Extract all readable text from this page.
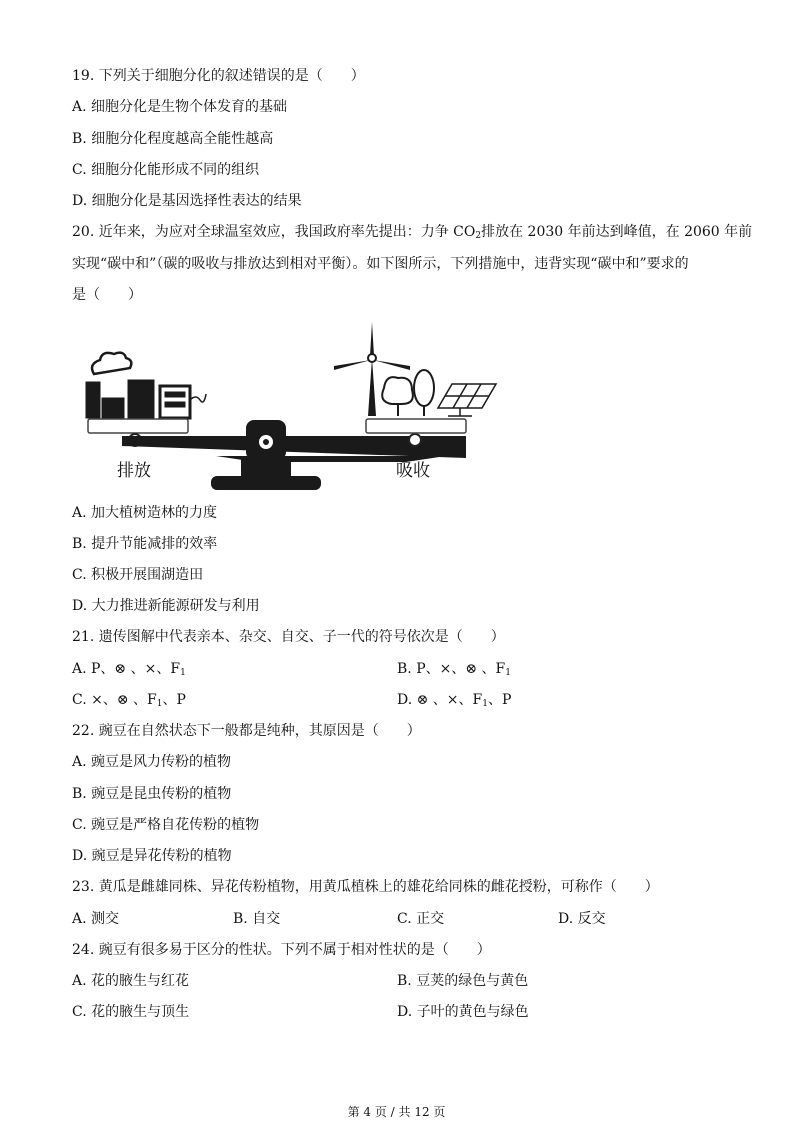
19. 下列关于细胞分化的叙述错误的是（　　）
A. 细胞分化是生物个体发育的基础
B. 细胞分化程度越高全能性越高
C. 细胞分化能形成不同的组织
D. 细胞分化是基因选择性表达的结果
20. 近年来，为应对全球温室效应，我国政府率先提出：力争 $CO_2$排放在 2030 年前达到峰值，在 2060 年前
实现“碳中和”（碳的吸收与排放达到相对平衡）。如下图所示，下列措施中，违背实现“碳中和”要求的
是（　　）
排放	吸收
A. 加大植树造林的力度
B. 提升节能减排的效率
C. 积极开展围湖造田
D. 大力推进新能源研发与利用
21. 遗传图解中代表亲本、杂交、自交、子一代的符号依次是（　　）
A. P、⊗ 、×、$F_1$	B. P、×、⊗ 、$F_1$
C. ×、⊗ 、$F_1$、P	D. ⊗ 、×、$F_1$、P
22. 豌豆在自然状态下一般都是纯种，其原因是（　　）
A. 豌豆是风力传粉的植物
B. 豌豆是昆虫传粉的植物
C. 豌豆是严格自花传粉的植物
D. 豌豆是异花传粉的植物
23. 黄瓜是雌雄同株、异花传粉植物，用黄瓜植株上的雄花给同株的雌花授粉，可称作（　　）
A. 测交	B. 自交	C. 正交	D. 反交
24. 豌豆有很多易于区分的性状。下列不属于相对性状的是（　　）
A. 花的腋生与红花	B. 豆荚的绿色与黄色
C. 花的腋生与顶生	D. 子叶的黄色与绿色
第 4 页 / 共 12 页
